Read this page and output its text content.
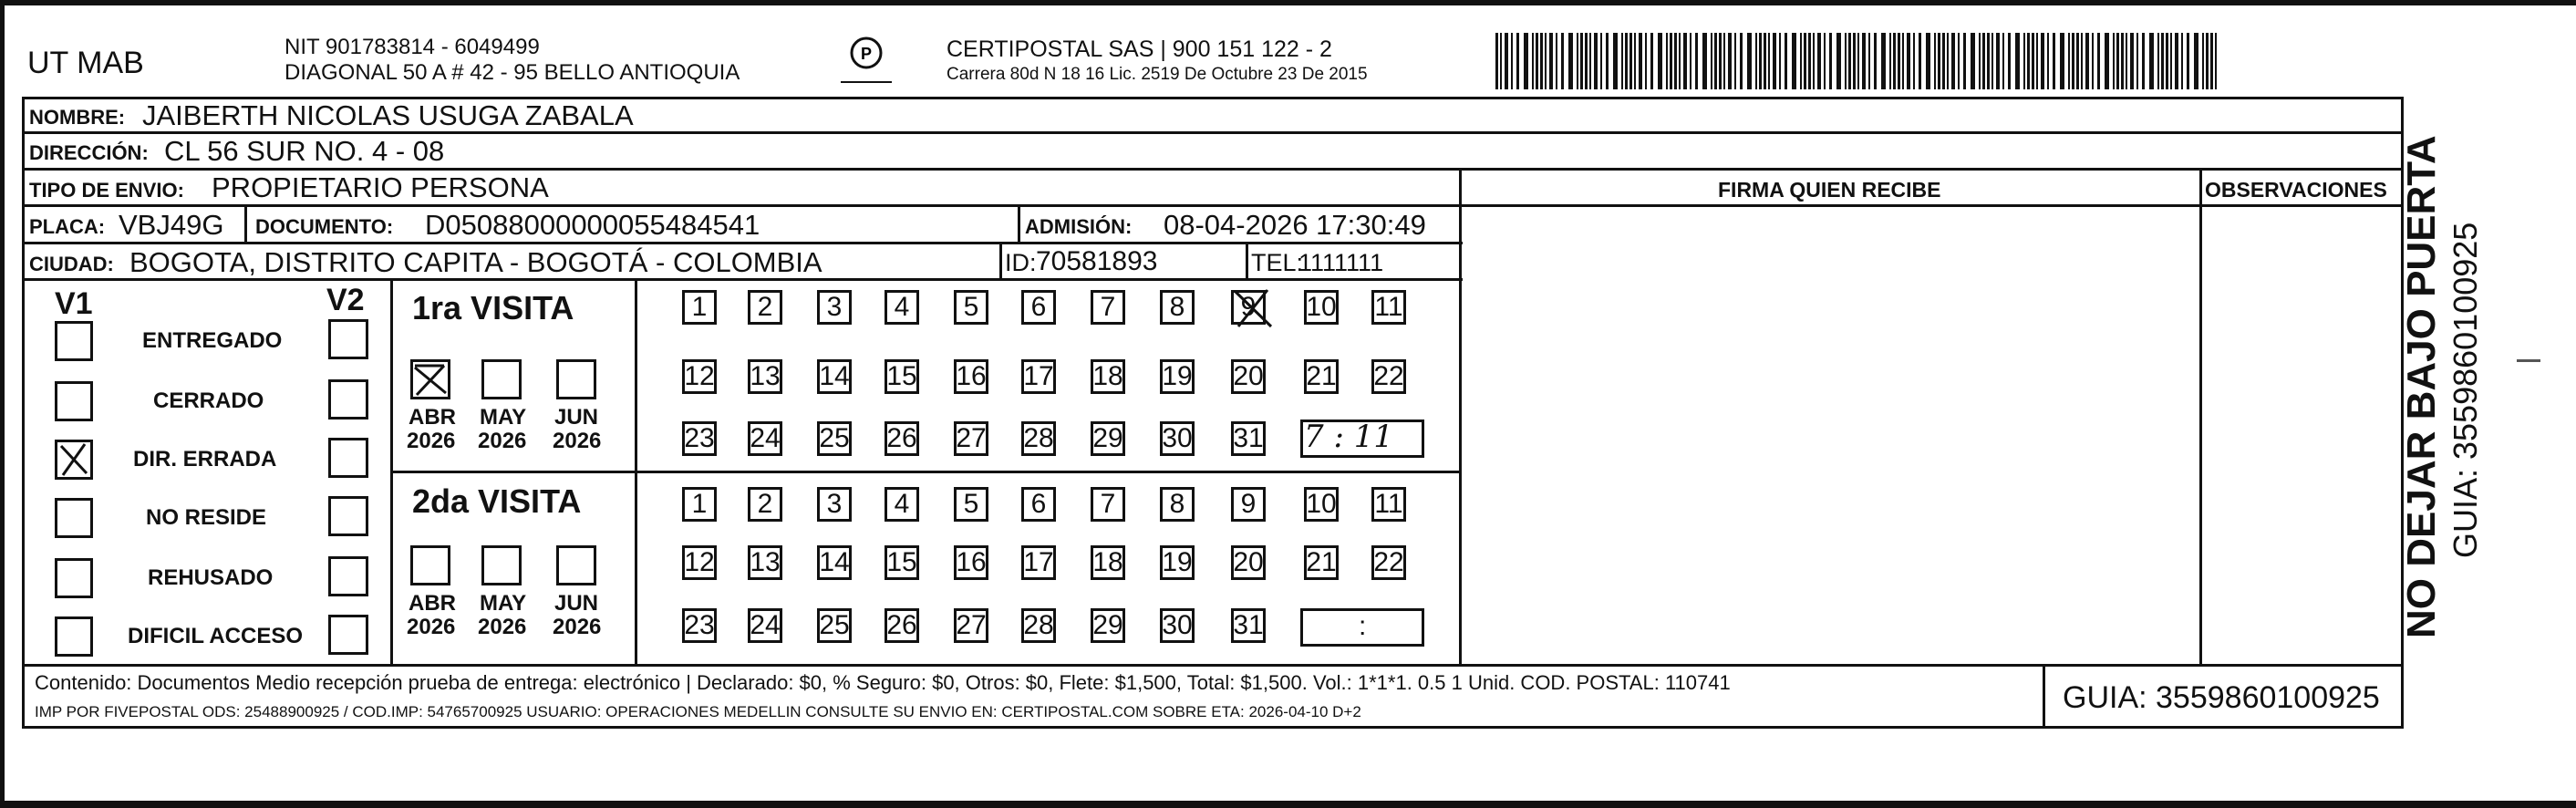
UT MAB	NIT 901783814 - 6049499
DIAGONAL 50 A # 42 - 95 BELLO ANTIOQUIA
P	CERTIPOSTAL SAS | 900 151 122 - 2
Carrera 80d N 18 16 Lic. 2519 De Octubre 23 De 2015
NOMBRE: JAIBERTH NICOLAS USUGA ZABALA
DIRECCIÓN: CL 56 SUR NO. 4 - 08
TIPO DE ENVIO: PROPIETARIO PERSONA
PLACA: VBJ49G DOCUMENTO: D05088000000055484541	ADMISIÓN: 08-04-2026 17:30:49
CIUDAD: BOGOTA, DISTRITO CAPITA - BOGOTÁ - COLOMBIA	ID: 70581893	TEL:
1111111
FIRMA QUIEN RECIBE	OBSERVACIONES
V1	V2
ENTREGADO
CERRADO
DIR. ERRADA
NO RESIDE
REHUSADO
DIFICIL ACCESO
1ra VISITA
2da VISITA
ABR
2026
MAY
2026
JUN
2026
ABR
2026
MAY
2026
JUN
2026
1	2	3	4	5	6	7	8	9	10 11
12 13 14 15 16 17 18 19 20 21 22
23 24 25 26 27 28 29 30 31
1	2	3	4	5	6	7	8	9	10 11
12 13 14 15 16 17 18 19 20 21 22
23 24 25 26 27 28 29 30 31
7 : 11
:
Contenido: Documentos Medio recepción prueba de entrega: electrónico | Declarado: $0, % Seguro: $0, Otros: $0, Flete: $1,500, Total: $1,500. Vol.: 1*1*1. 0.5 1 Unid. COD. POSTAL: 110741
IMP POR FIVEPOSTAL ODS: 25488900925 / COD.IMP: 54765700925 USUARIO: OPERACIONES MEDELLIN CONSULTE SU ENVIO EN: CERTIPOSTAL.COM SOBRE ETA: 2026-04-10 D+2	GUIA: 3559860100925
NO DEJAR BAJO PUERTA GUIA: 3559860100925
